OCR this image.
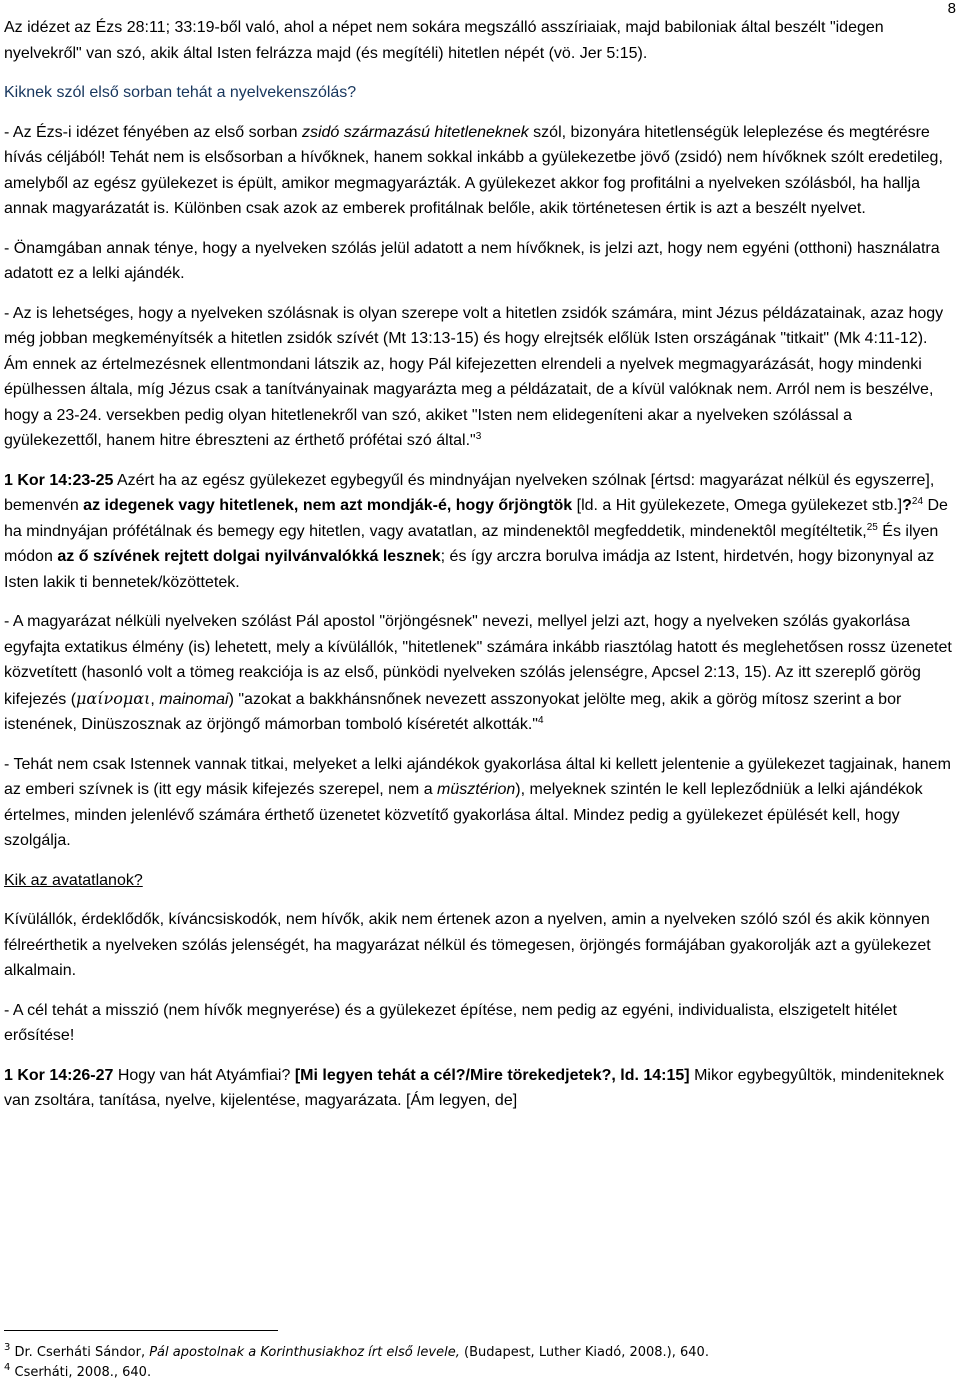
8

Az idézet az Ézs 28:11; 33:19-ből való, ahol a népet nem sokára megszálló asszíriaiak, majd babiloniak által beszélt "idegen nyelvekről" van szó, akik által Isten felrázza majd (és megítéli) hitetlen népét (vö. Jer 5:15).

Kiknek szól első sorban tehát a nyelvekenszólás?

- Az Ézs-i idézet fényében az első sorban zsidó származású hitetleneknek szól, bizonyára hitetlenségük leleplezése és megtérésre hívás céljából! Tehát nem is elsősorban a hívőknek, hanem sokkal inkább a gyülekezetbe jövő (zsidó) nem hívőknek szólt eredetileg, amelyből az egész gyülekezet is épült, amikor megmagyarázták. A gyülekezet akkor fog profitálni a nyelveken szólásból, ha hallja annak magyarázatát is. Különben csak azok az emberek profitálnak belőle, akik történetesen értik is azt a beszélt nyelvet.

- Önamgában annak ténye, hogy a nyelveken szólás jelül adatott a nem hívőknek, is jelzi azt, hogy nem egyéni (otthoni) használatra adatott ez a lelki ajándék.

- Az is lehetséges, hogy a nyelveken szólásnak is olyan szerepe volt a hitetlen zsidók számára, mint Jézus példázatainak, azaz hogy még jobban megkeményítsék a hitetlen zsidók szívét (Mt 13:13-15) és hogy elrejtsék előlük Isten országának "titkait" (Mk 4:11-12). Ám ennek az értelmezésnek ellentmondani látszik az, hogy Pál kifejezetten elrendeli a nyelvek megmagyarázását, hogy mindenki épülhessen általa, míg Jézus csak a tanítványainak magyarázta meg a példázatait, de a kívül valóknak nem. Arról nem is beszélve, hogy a 23-24. versekben pedig olyan hitetlenekről van szó, akiket "Isten nem elidegeníteni akar a nyelveken szólással a gyülekezettől, hanem hitre ébreszteni az érthető prófétai szó által."$^3$

1 Kor 14:23-25 Azért ha az egész gyülekezet egybegyűl és mindnyájan nyelveken szólnak [értsd: magyarázat nélkül és egyszerre], bemenvén az idegenek vagy hitetlenek, nem azt mondják-é, hogy őrjöngtök [ld. a Hit gyülekezete, Omega gyülekezet stb.]?$^{24}$ De ha mindnyájan prófétálnak és bemegy egy hitetlen, vagy avatatlan, az mindenektôl megfeddetik, mindenektôl megítéltetik,$^{25}$ És ilyen módon az ő szívének rejtett dolgai nyilvánvalókká lesznek; és így arczra borulva imádja az Istent, hirdetvén, hogy bizonynyal az Isten lakik ti bennetek/közöttetek.

- A magyarázat nélküli nyelveken szólást Pál apostol "örjöngésnek" nevezi, mellyel jelzi azt, hogy a nyelveken szólás gyakorlása egyfajta extatikus élmény (is) lehetett, mely a kívülállók, "hitetlenek" számára inkább riasztólag hatott és meglehetősen rossz üzenetet közvetített (hasonló volt a tömeg reakciója is az első, pünködi nyelveken szólás jelenségre, Apcsel 2:13, 15). Az itt szereplő görög kifejezés (μαίνομαι, mainomai) "azokat a bakkhánsnőnek nevezett asszonyokat jelölte meg, akik a görög mítosz szerint a bor istenének, Dinüszosznak az örjöngő mámorban tomboló kíséretét alkották."$^4$

- Tehát nem csak Istennek vannak titkai, melyeket a lelki ajándékok gyakorlása által ki kellett jelentenie a gyülekezet tagjainak, hanem az emberi szívnek is (itt egy másik kifejezés szerepel, nem a müsztérion), melyeknek szintén le kell lepleződniük a lelki ajándékok értelmes, minden jelenlévő számára érthető üzenetet közvetítő gyakorlása által. Mindez pedig a gyülekezet épülését kell, hogy szolgálja.

Kik az avatatlanok?

Kívülállók, érdeklődők, kíváncsiskodók, nem hívők, akik nem értenek azon a nyelven, amin a nyelveken szóló szól és akik könnyen félreérthetik a nyelveken szólás jelenségét, ha magyarázat nélkül és tömegesen, örjöngés formájában gyakorolják azt a gyülekezet alkalmain.

- A cél tehát a misszió (nem hívők megnyerése) és a gyülekezet építése, nem pedig az egyéni, individualista, elszigetelt hitélet erősítése!

1 Kor 14:26-27 Hogy van hát Atyámfiai? [Mi legyen tehát a cél?/Mire törekedjetek?, ld. 14:15] Mikor egybegyûltök, mindeniteknek van zsoltára, tanítása, nyelve, kijelentése, magyarázata. [Ám legyen, de]

$^3$ Dr. Cserháti Sándor, Pál apostolnak a Korinthusiakhoz írt első levele, (Budapest, Luther Kiadó, 2008.), 640.

$^4$ Cserháti, 2008., 640.
